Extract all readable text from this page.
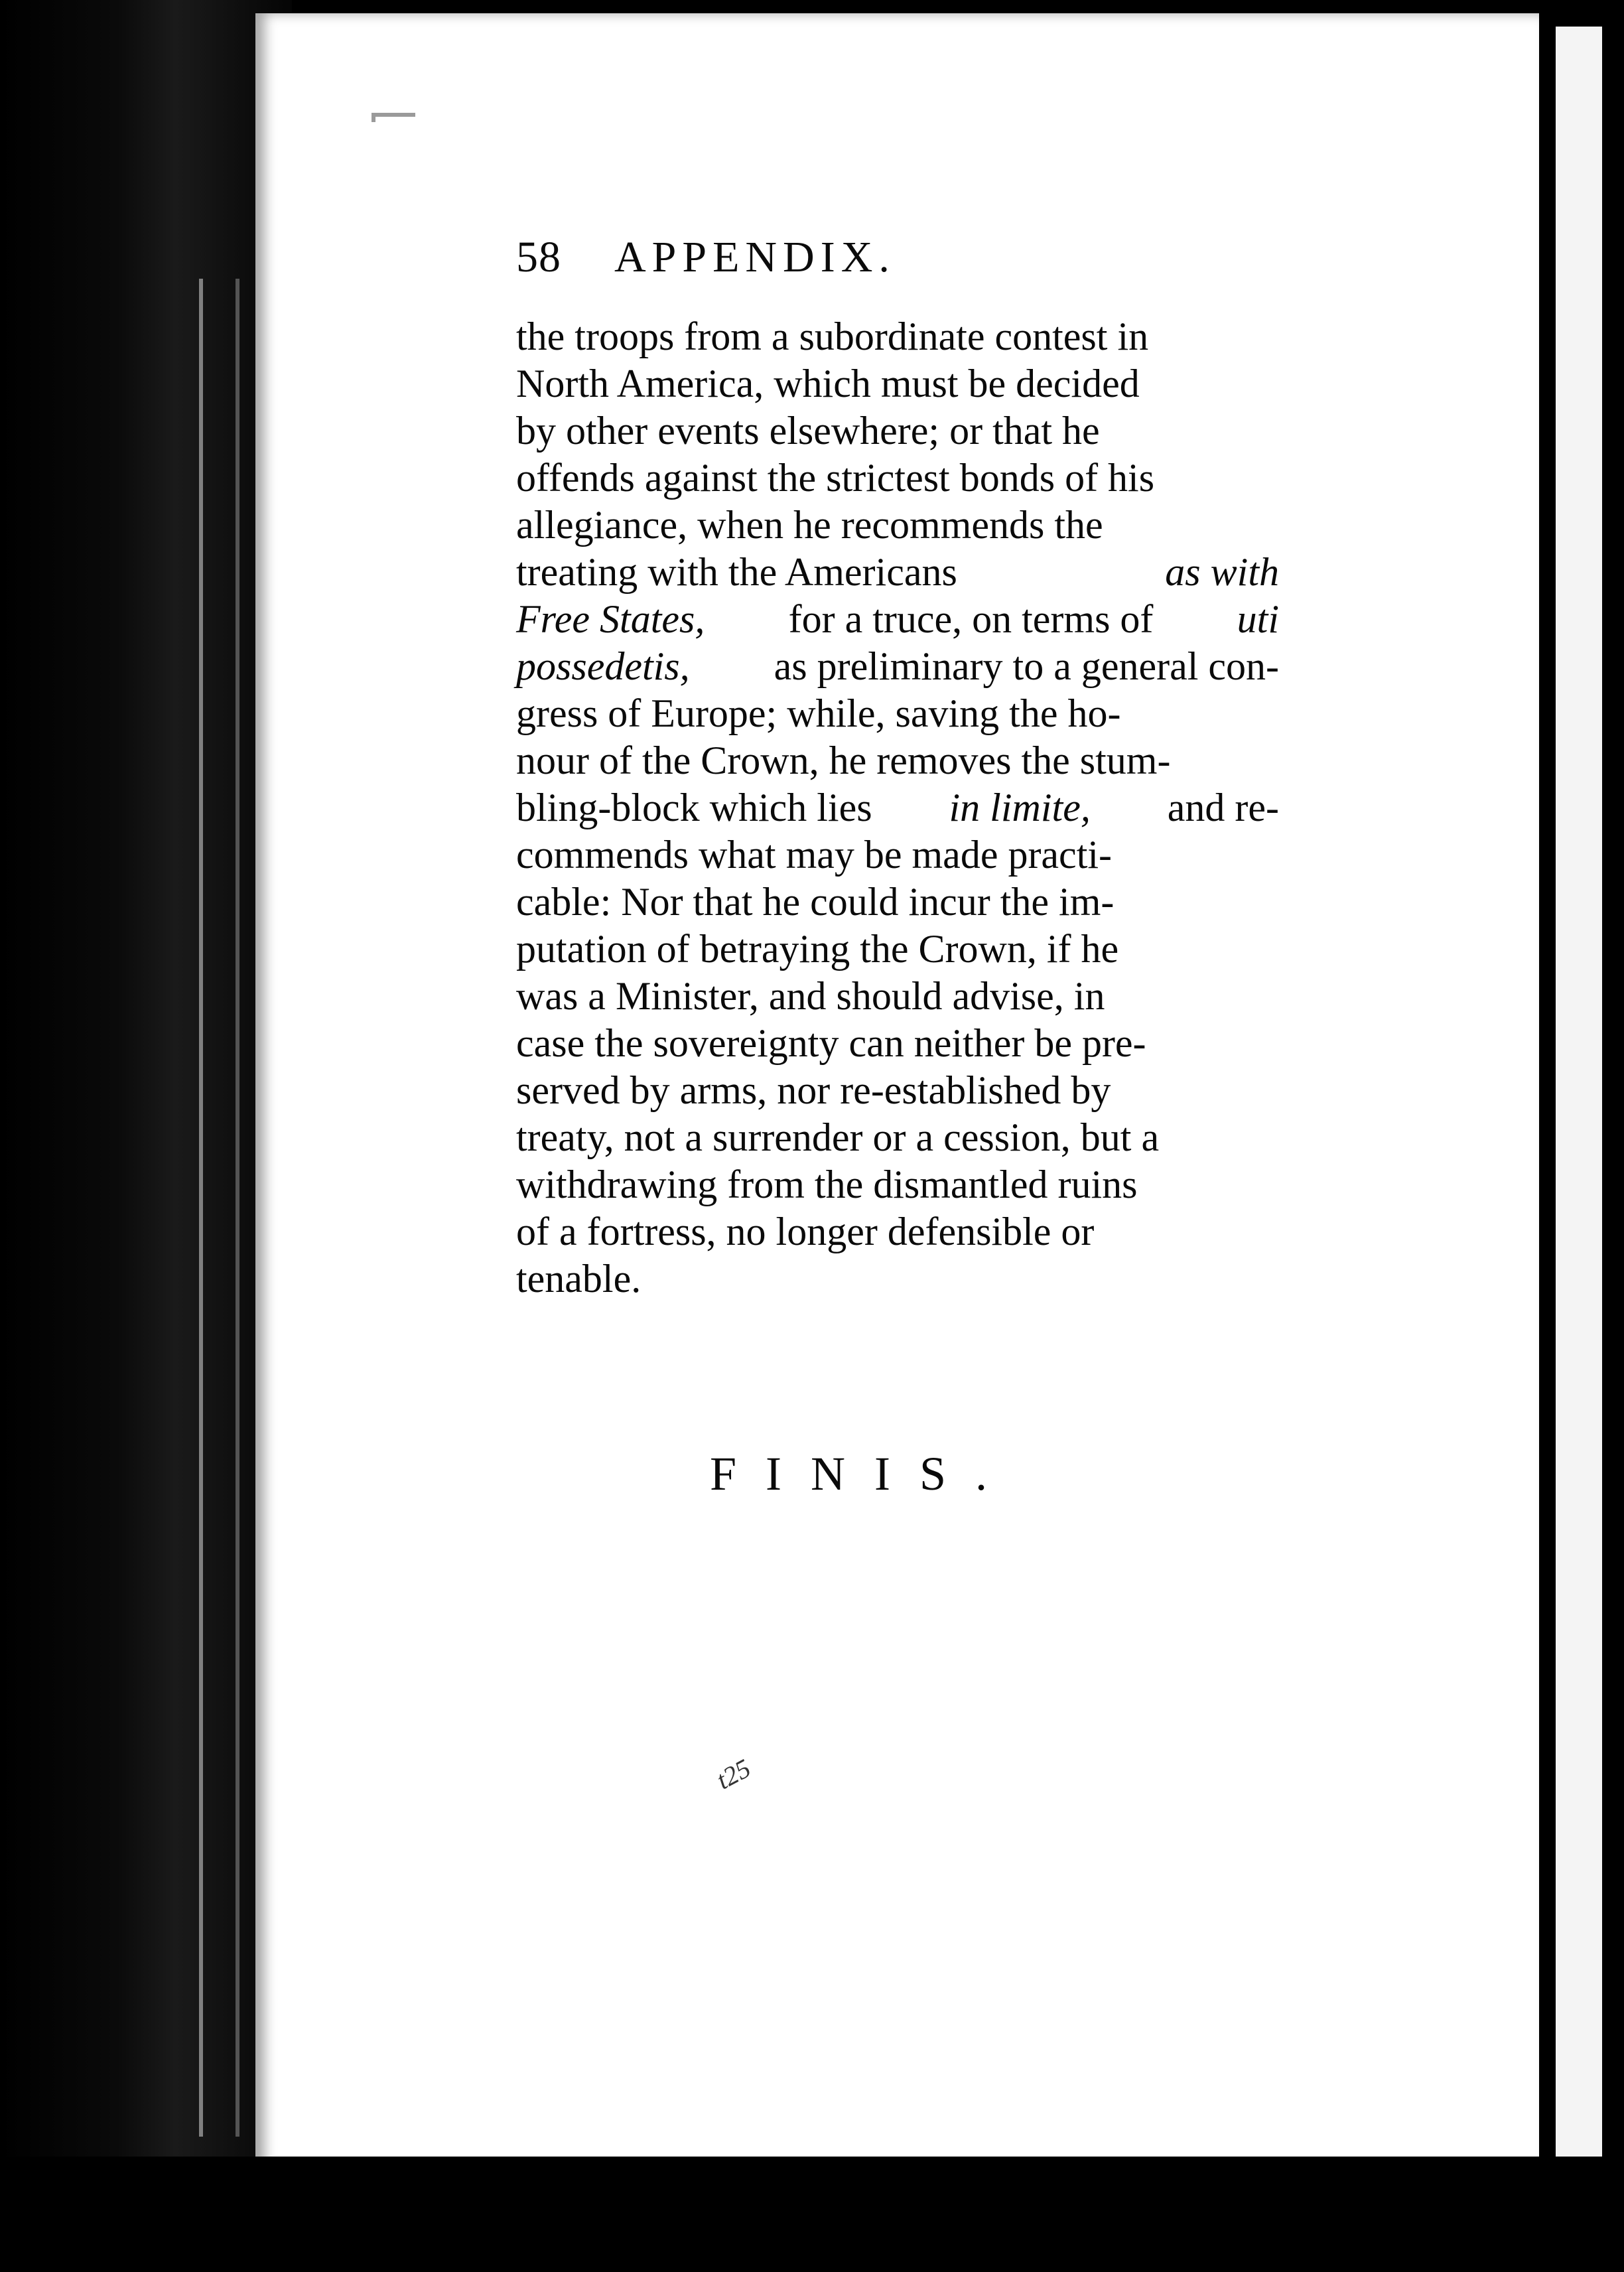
58 APPENDIX.
the troops from a subordinate contest in
North America, which must be decided
by other events elsewhere; or that he
offends against the strictest bonds of his
allegiance, when he recommends the
treating with the Americans	as with
Free States, for a truce, on terms of uti
possedetis, as preliminary to a general con-
gress of Europe; while, saving the ho-
nour of the Crown, he removes the stum-
bling-block which lies in limite, and re-
commends what may be made practi-
cable: Nor that he could incur the im-
putation of betraying the Crown, if he
was a Minister, and should advise, in
case the sovereignty can neither be pre-
served by arms, nor re-established by
treaty, not a surrender or a cession, but a
withdrawing from the dismantled ruins
of a fortress, no longer defensible or
tenable.
FINIS.
t25
